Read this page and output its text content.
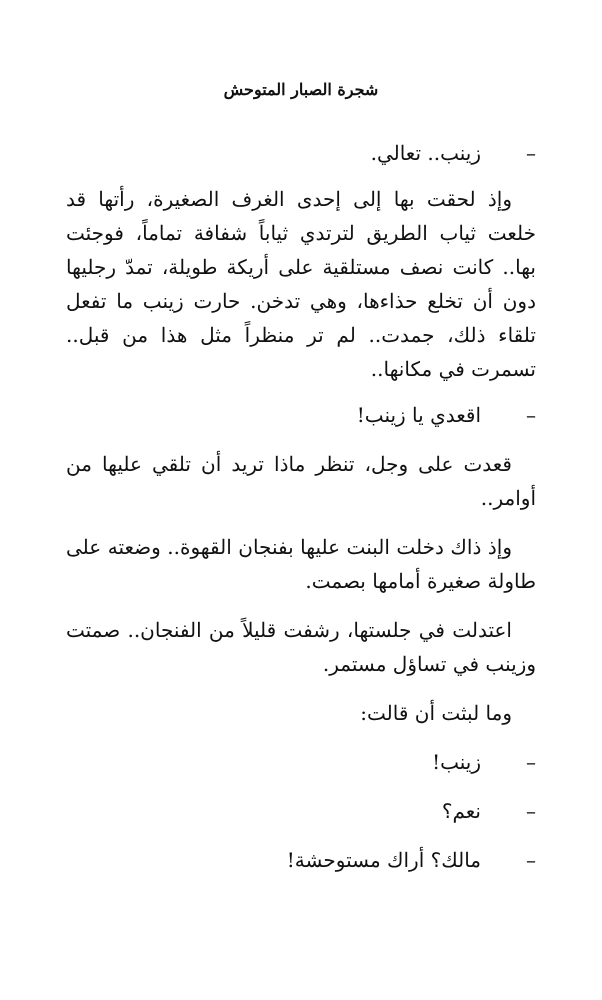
شجرة الصبار المتوحش

–
زينب.. تعالي.

وإذ لحقت بها إلى إحدى الغرف الصغيرة، رأتها قد خلعت ثياب الطريق لترتدي ثياباً شفافة تماماً، فوجئت بها.. كانت نصف مستلقية على أريكة طويلة، تمدّ رجليها دون أن تخلع حذاءها، وهي تدخن. حارت زينب ما تفعل تلقاء ذلك، جمدت.. لم تر منظراً مثل هذا من قبل.. تسمرت في مكانها..

–
اقعدي يا زينب!

قعدت على وجل، تنظر ماذا تريد أن تلقي عليها من أوامر..

وإذ ذاك دخلت البنت عليها بفنجان القهوة.. وضعته على طاولة صغيرة أمامها بصمت.

اعتدلت في جلستها، رشفت قليلاً من الفنجان.. صمتت وزينب في تساؤل مستمر.

وما لبثت أن قالت:

–
زينب!

–
نعم؟

–
مالك؟ أراك مستوحشة!
